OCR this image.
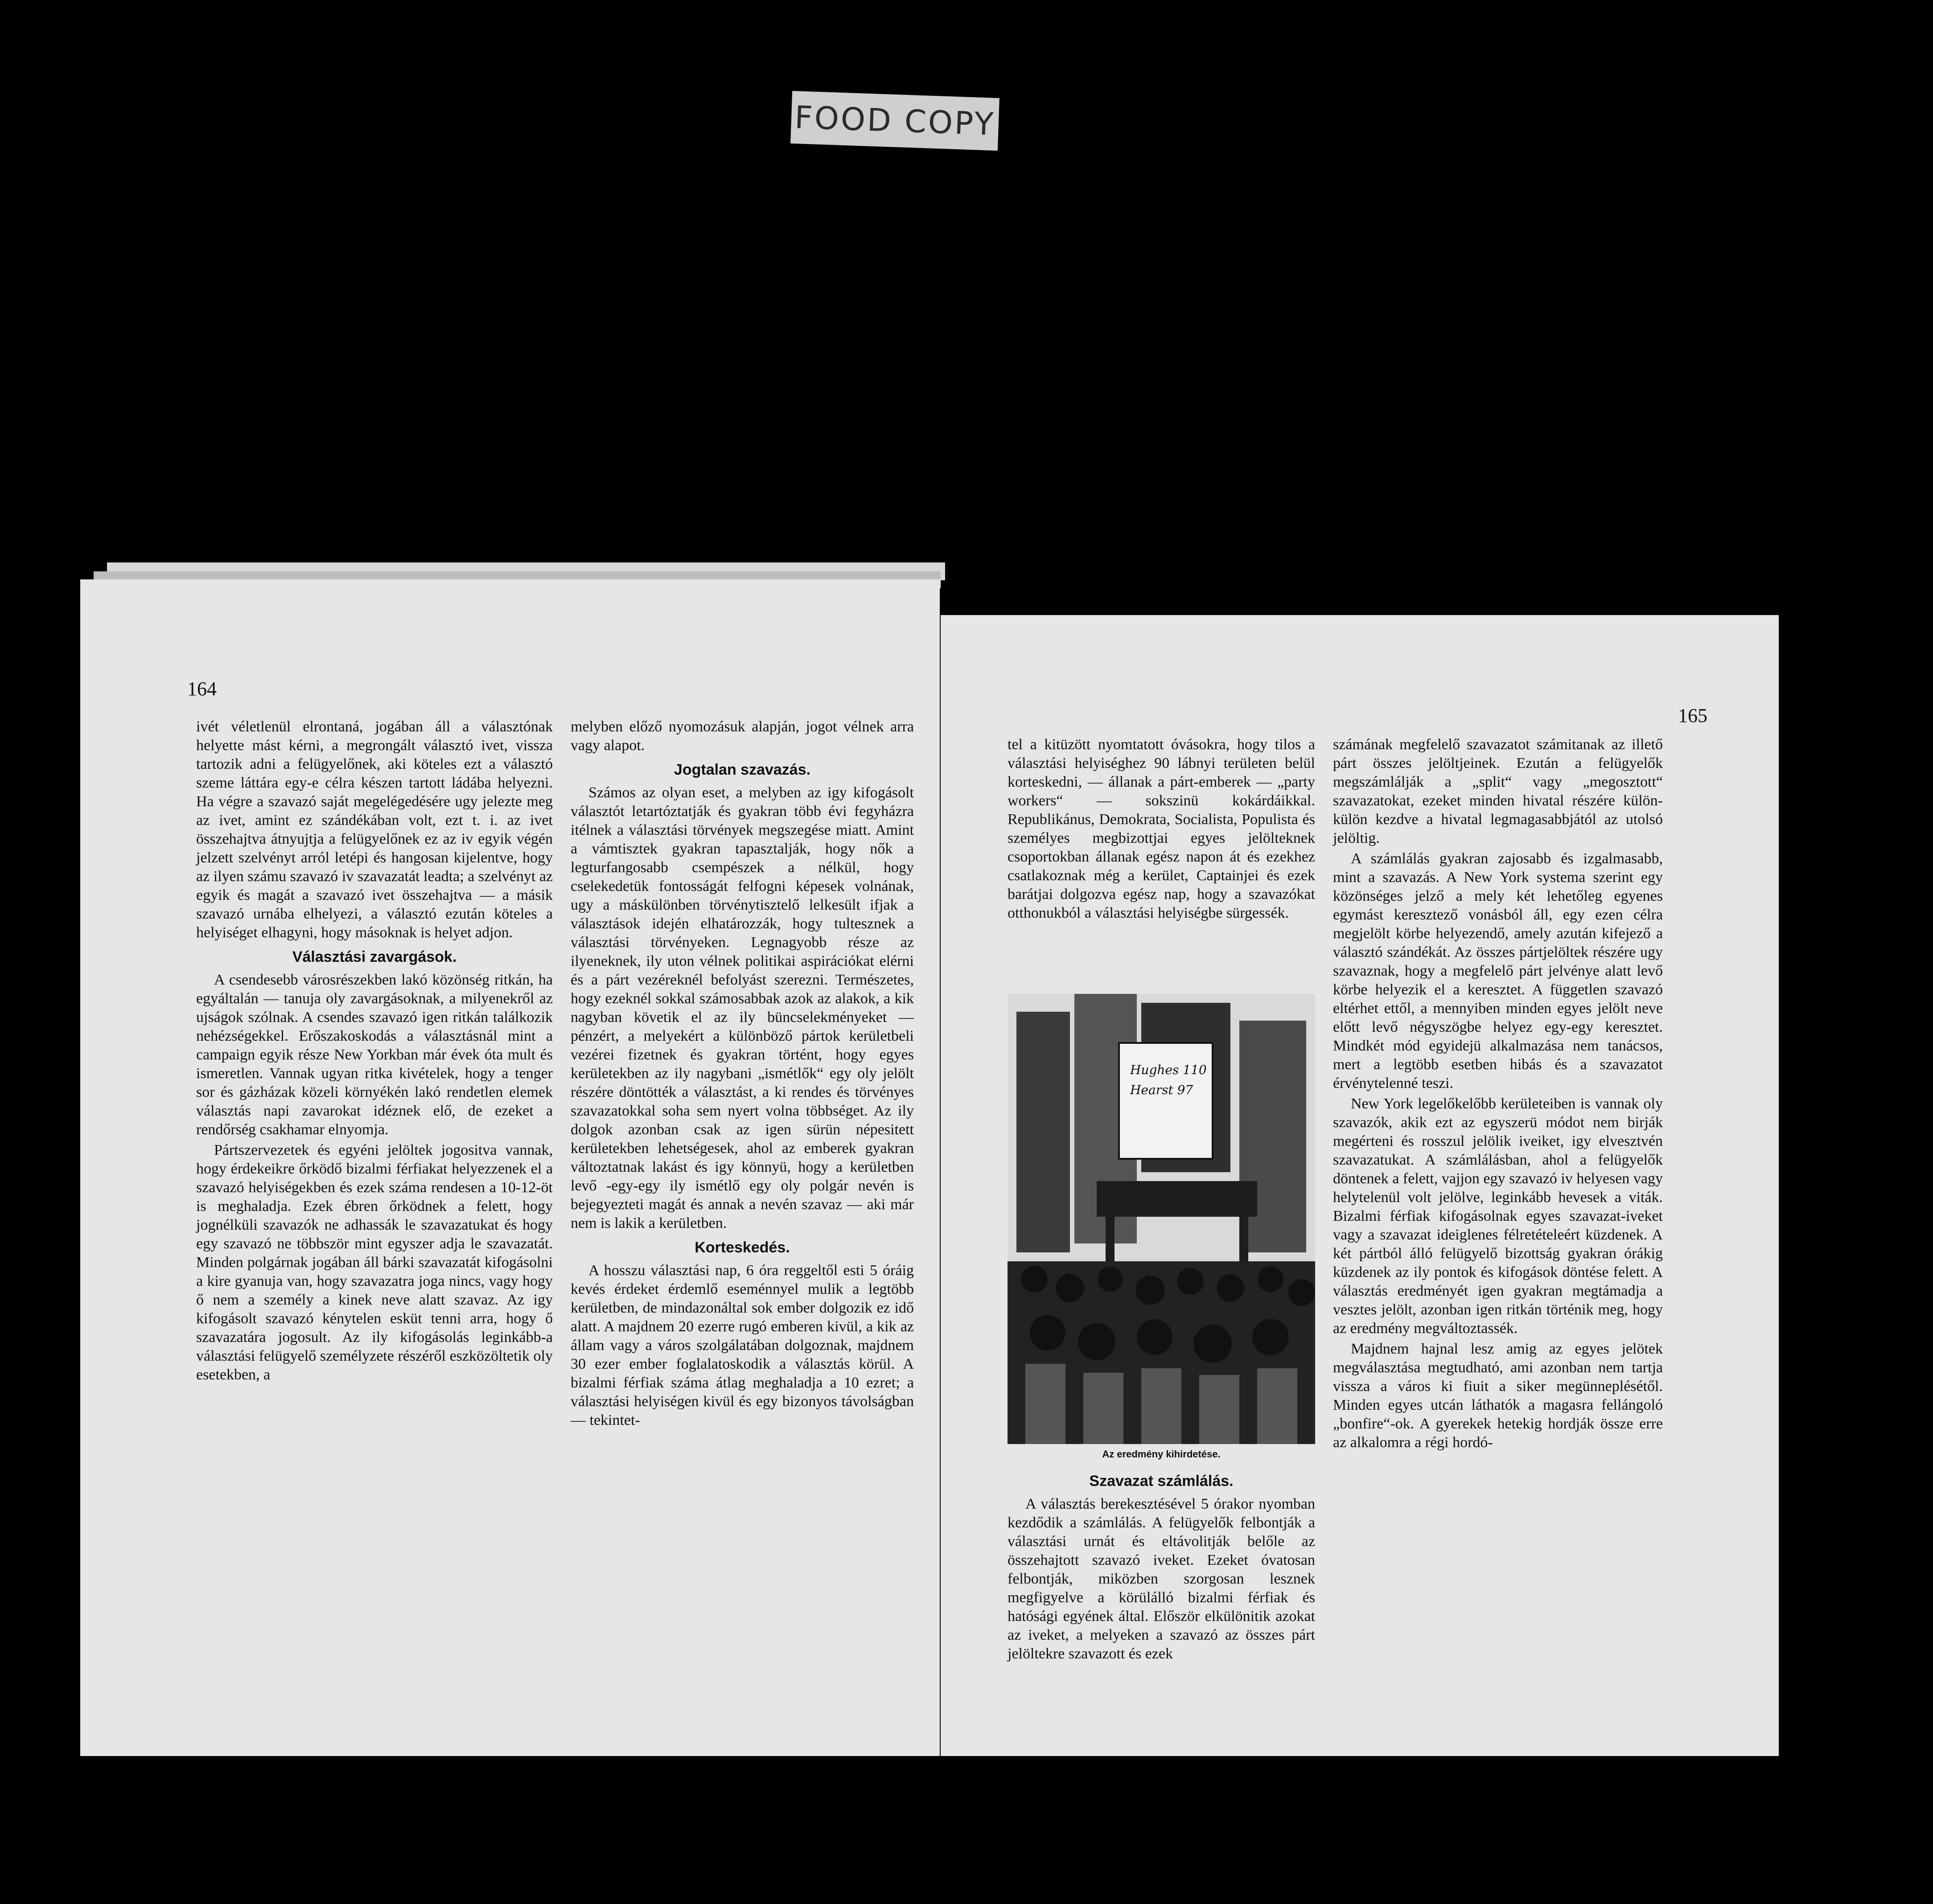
FOOD COPY
164

ivét véletlenül elrontaná, jogában áll a választónak helyette mást kérni, a megrongált választó ivet, vissza tartozik adni a felügyelőnek, aki köteles ezt a választó szeme láttára egy-e célra készen tartott ládába helyezni. Ha végre a szavazó saját megelégedésére ugy jelezte meg az ivet, amint ez szándékában volt, ezt t. i. az ivet összehajtva átnyujtja a felügyelőnek ez az iv egyik végén jelzett szelvényt arról letépi és hangosan kijelentve, hogy az ilyen számu szavazó iv szavazatát leadta; a szelvényt az egyik és magát a szavazó ivet összehajtva — a másik szavazó urnába elhelyezi, a választó ezután köteles a helyiséget elhagyni, hogy másoknak is helyet adjon.

Választási zavargások.

A csendesebb városrészekben lakó közönség ritkán, ha egyáltalán — tanuja oly zavargásoknak, a milyenekről az ujságok szólnak. A csendes szavazó igen ritkán találkozik nehézségekkel. Erőszakoskodás a választásnál mint a campaign egyik része New Yorkban már évek óta mult és ismeretlen. Vannak ugyan ritka kivételek, hogy a tenger sor és gázházak közeli környékén lakó rendetlen elemek választás napi zavarokat idéznek elő, de ezeket a rendőrség csakhamar elnyomja.

Pártszervezetek és egyéni jelöltek jogositva vannak, hogy érdekeikre őrködő bizalmi férfiakat helyezzenek el a szavazó helyiségekben és ezek száma rendesen a 10-12-öt is meghaladja. Ezek ébren őrködnek a felett, hogy jognélküli szavazók ne adhassák le szavazatukat és hogy egy szavazó ne többször mint egyszer adja le szavazatát. Minden polgárnak jogában áll bárki szavazatát kifogásolni a kire gyanuja van, hogy szavazatra joga nincs, vagy hogy ő nem a személy a kinek neve alatt szavaz. Az igy kifogásolt szavazó kénytelen esküt tenni arra, hogy ő szavazatára jogosult. Az ily kifogásolás leginkább-a választási felügyelő személyzete részéről eszközöltetik oly esetekben, a

melyben előző nyomozásuk alapján, jogot vélnek arra vagy alapot.

Jogtalan szavazás.

Számos az olyan eset, a melyben az igy kifogásolt választót letartóztatják és gyakran több évi fegyházra itélnek a választási törvények megszegése miatt. Amint a vámtisztek gyakran tapasztalják, hogy nők a legturfangosabb csempészek a nélkül, hogy cselekedetük fontosságát felfogni képesek volnának, ugy a máskülönben törvénytisztelő lelkesült ifjak a választások idején elhatározzák, hogy tultesznek a választási törvényeken. Legnagyobb része az ilyeneknek, ily uton vélnek politikai aspirációkat elérni és a párt vezéreknél befolyást szerezni. Természetes, hogy ezeknél sokkal számosabbak azok az alakok, a kik nagyban követik el az ily büncselekményeket — pénzért, a melyekért a különböző pártok kerületbeli vezérei fizetnek és gyakran történt, hogy egyes kerületekben az ily nagybani „ismétlők“ egy oly jelölt részére döntötték a választást, a ki rendes és törvényes szavazatokkal soha sem nyert volna többséget. Az ily dolgok azonban csak az igen sürün népesitett kerületekben lehetségesek, ahol az emberek gyakran változtatnak lakást és igy könnyü, hogy a kerületben levő -egy-egy ily ismétlő egy oly polgár nevén is bejegyezteti magát és annak a nevén szavaz — aki már nem is lakik a kerületben.

Korteskedés.

A hosszu választási nap, 6 óra reggeltől esti 5 óráig kevés érdeket érdemlő eseménnyel mulik a legtöbb kerületben, de mindazonáltal sok ember dolgozik ez idő alatt. A majdnem 20 ezerre rugó emberen kivül, a kik az állam vagy a város szolgálatában dolgoznak, majdnem 30 ezer ember foglalatoskodik a választás körül. A bizalmi férfiak száma átlag meghaladja a 10 ezret; a választási helyiségen kivül és egy bizonyos távolságban — tekintet-

165

tel a kitüzött nyomtatott óvásokra, hogy tilos a választási helyiséghez 90 lábnyi területen belül korteskedni, — állanak a párt-emberek — „party workers“ — sokszinü kokárdáikkal. Republikánus, Demokrata, Socialista, Populista és személyes megbizottjai egyes jelölteknek csoportokban állanak egész napon át és ezekhez csatlakoznak még a kerület, Captainjei és ezek barátjai dolgozva egész nap, hogy a szavazókat otthonukból a választási helyiségbe sürgessék.

Hughes 110
Hearst 97
Az eredmény kihirdetése.
Szavazat számlálás.

A választás berekesztésével 5 órakor nyomban kezdődik a számlálás. A felügyelők felbontják a választási urnát és eltávolitják belőle az összehajtott szavazó iveket. Ezeket óvatosan felbontják, miközben szorgosan lesznek megfigyelve a körülálló bizalmi férfiak és hatósági egyének által. Először elkülönitik azokat az iveket, a melyeken a szavazó az összes párt jelöltekre szavazott és ezek

számának megfelelő szavazatot számitanak az illető párt összes jelöltjeinek. Ezután a felügyelők megszámlálják a „split“ vagy „megosztott“ szavazatokat, ezeket minden hivatal részére külön-külön kezdve a hivatal legmagasabbjától az utolsó jelöltig.

A számlálás gyakran zajosabb és izgalmasabb, mint a szavazás. A New York systema szerint egy közönséges jelző a mely két lehetőleg egyenes egymást keresztező vonásból áll, egy ezen célra megjelölt körbe helyezendő, amely azután kifejező a választó szándékát. Az összes pártjelöltek részére ugy szavaznak, hogy a megfelelő párt jelvénye alatt levő körbe helyezik el a keresztet. A független szavazó eltérhet ettől, a mennyiben minden egyes jelölt neve előtt levő négyszögbe helyez egy-egy keresztet. Mindkét mód egyidejü alkalmazása nem tanácsos, mert a legtöbb esetben hibás és a szavazatot érvénytelenné teszi.

New York legelőkelőbb kerületeiben is vannak oly szavazók, akik ezt az egyszerü módot nem birják megérteni és rosszul jelölik iveiket, igy elvesztvén szavazatukat. A számlálásban, ahol a felügyelők döntenek a felett, vajjon egy szavazó iv helyesen vagy helytelenül volt jelölve, leginkább hevesek a viták. Bizalmi férfiak kifogásolnak egyes szavazat-iveket vagy a szavazat ideiglenes félretételeért küzdenek. A két pártból álló felügyelő bizottság gyakran órákig küzdenek az ily pontok és kifogások döntése felett. A választás eredményét igen gyakran megtámadja a vesztes jelölt, azonban igen ritkán történik meg, hogy az eredmény megváltoztassék.

Majdnem hajnal lesz amig az egyes jelötek megválasztása megtudható, ami azonban nem tartja vissza a város ki fiuit a siker megünneplésétől. Minden egyes utcán láthatók a magasra fellángoló „bonfire“-ok. A gyerekek hetekig hordják össze erre az alkalomra a régi hordó-
